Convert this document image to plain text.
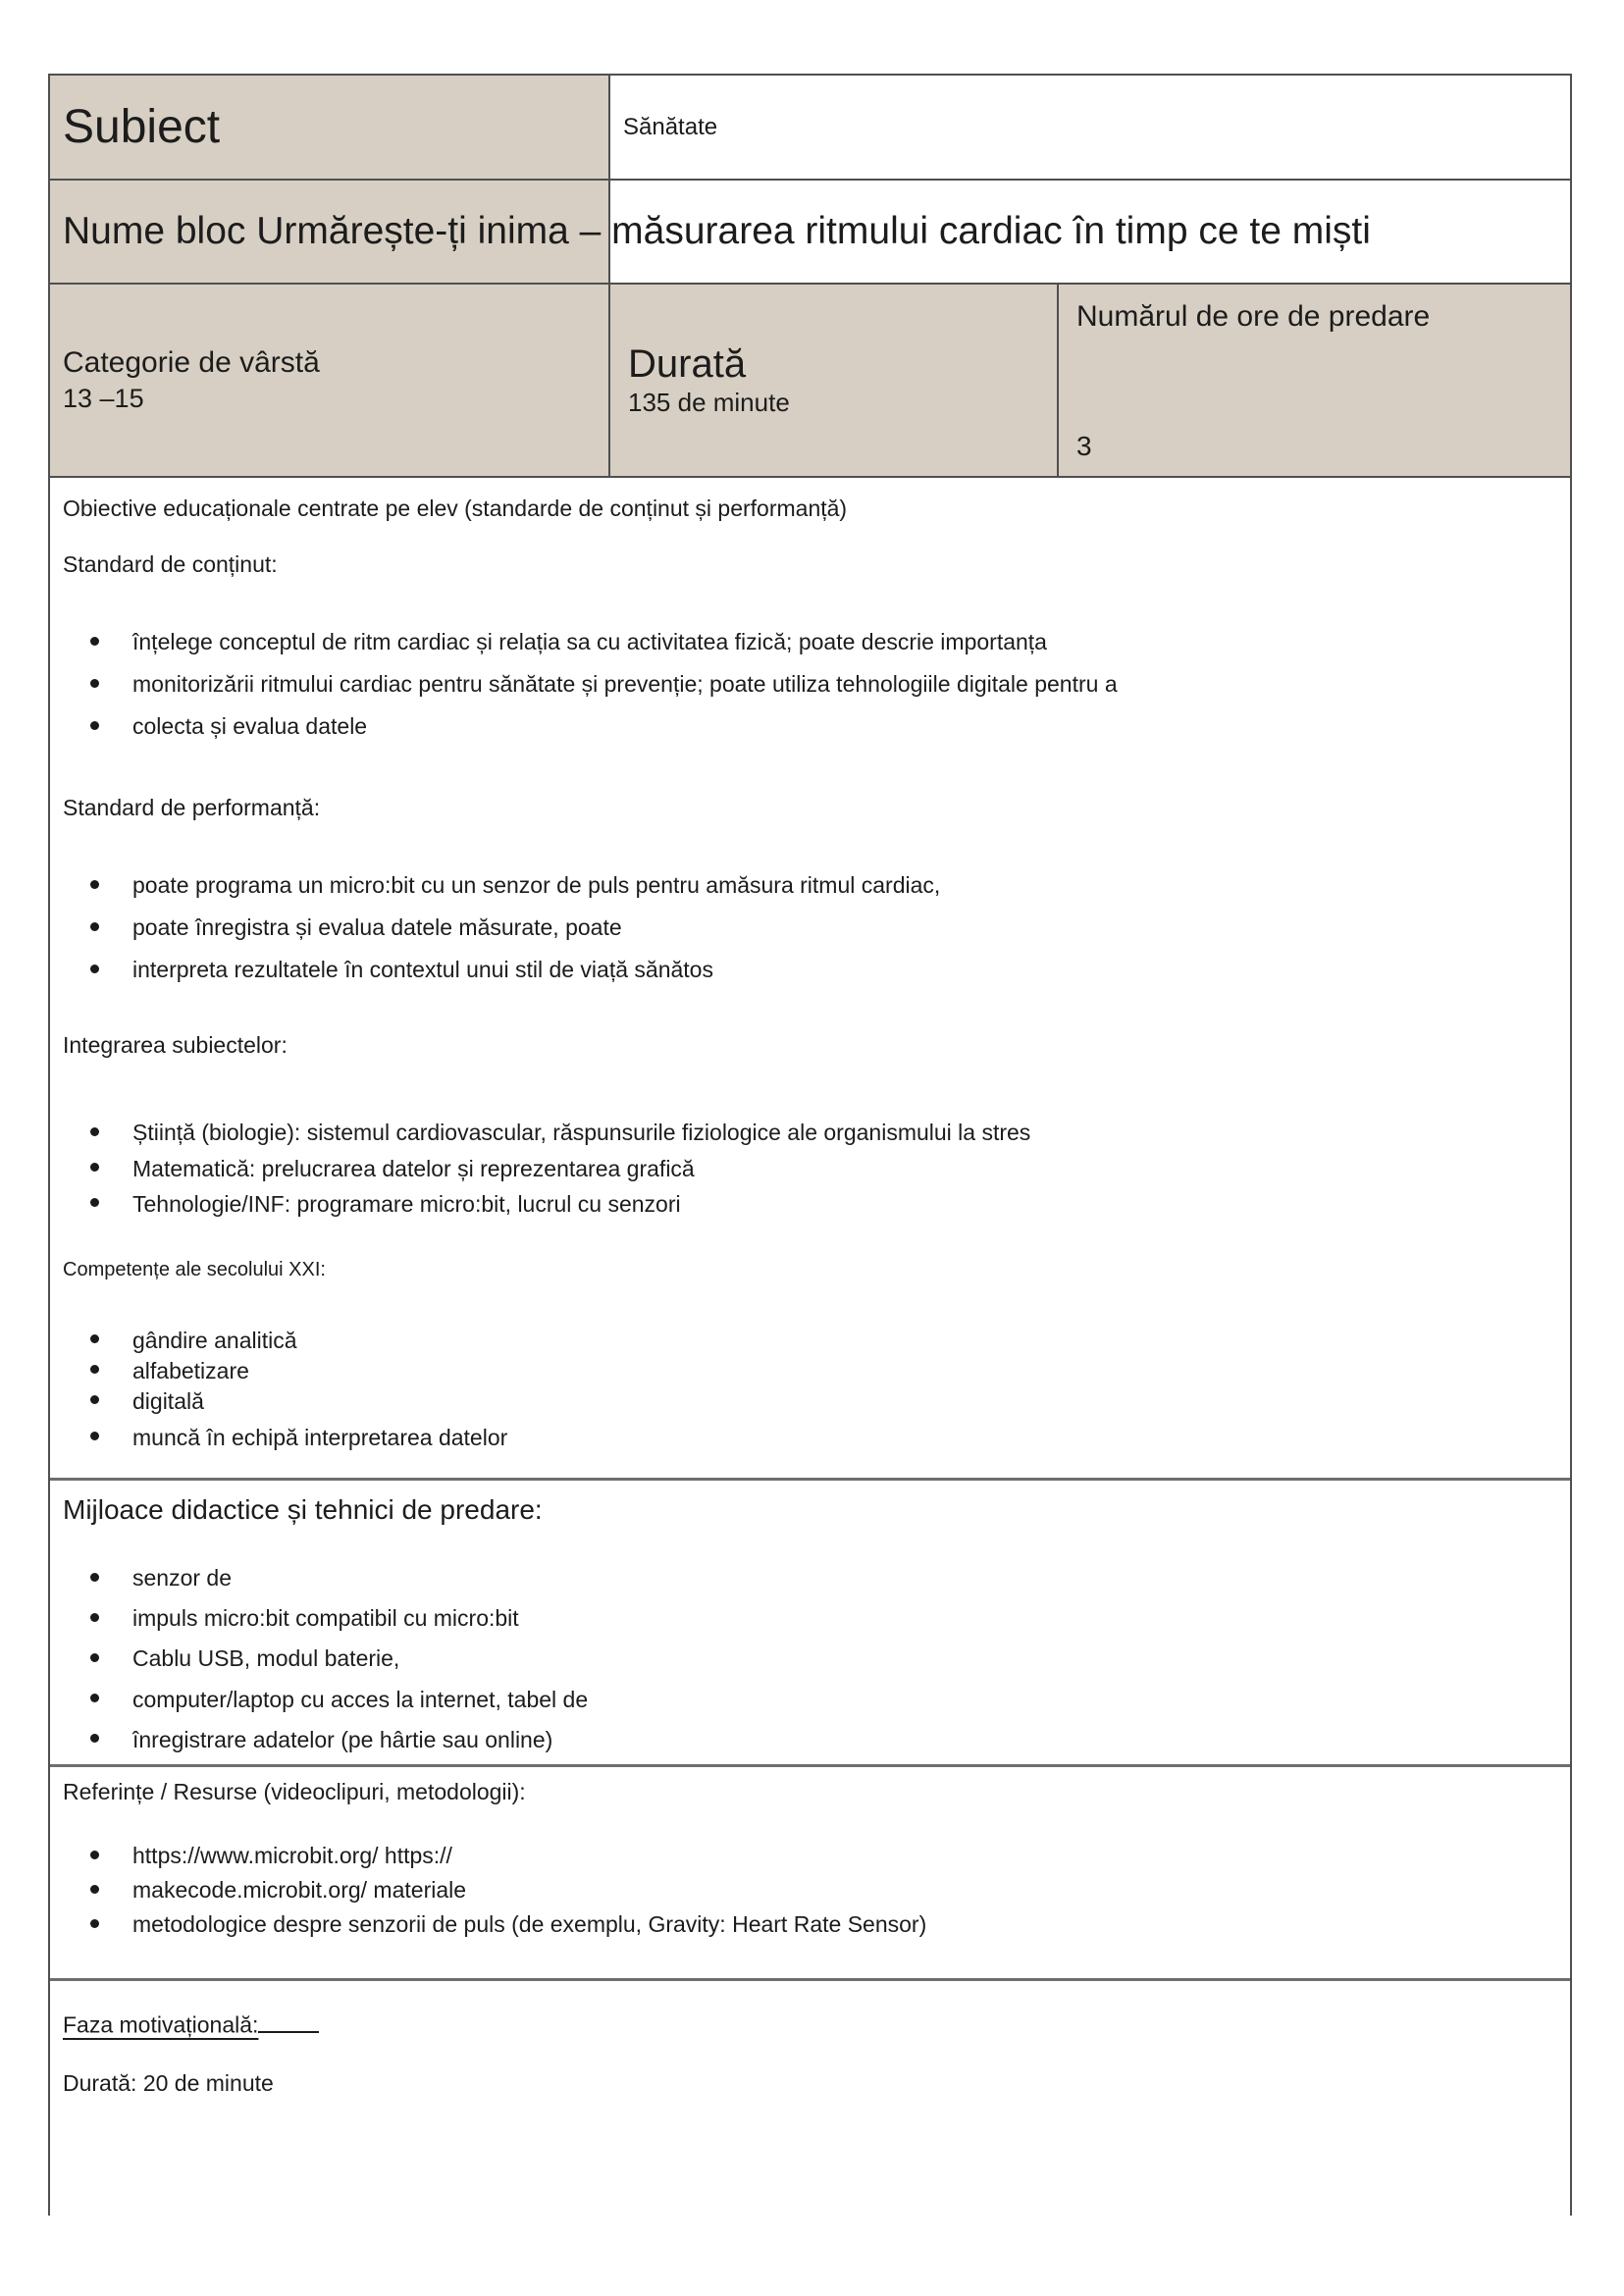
Subiect	Sănătate
Nume bloc Urmărește-ți inima – măsurarea ritmului cardiac în timp ce te miști
Categorie de vârstă
13 –15
Durată
135 de minute
Numărul de ore de predare
3

Obiective educaționale centrate pe elev (standarde de conținut și performanță)

Standard de conținut:

înțelege conceptul de ritm cardiac și relația sa cu activitatea fizică; poate descrie importanța
monitorizării ritmului cardiac pentru sănătate și prevenție; poate utiliza tehnologiile digitale pentru a
colecta și evalua datele

Standard de performanță:

poate programa un micro:bit cu un senzor de puls pentru amăsura ritmul cardiac,
poate înregistra și evalua datele măsurate, poate
interpreta rezultatele în contextul unui stil de viață sănătos

Integrarea subiectelor:

Știință (biologie): sistemul cardiovascular, răspunsurile fiziologice ale organismului la stres
Matematică: prelucrarea datelor și reprezentarea grafică
Tehnologie/INF: programare micro:bit, lucrul cu senzori

Competențe ale secolului XXI:

gândire analitică
alfabetizare
digitală
muncă în echipă interpretarea datelor

Mijloace didactice și tehnici de predare:

senzor de
impuls micro:bit compatibil cu micro:bit
Cablu USB, modul baterie,
computer/laptop cu acces la internet, tabel de
înregistrare adatelor (pe hârtie sau online)

Referințe / Resurse (videoclipuri, metodologii):

https://www.microbit.org/ https://
makecode.microbit.org/ materiale
metodologice despre senzorii de puls (de exemplu, Gravity: Heart Rate Sensor)

Faza motivațională:

Durată: 20 de minute
